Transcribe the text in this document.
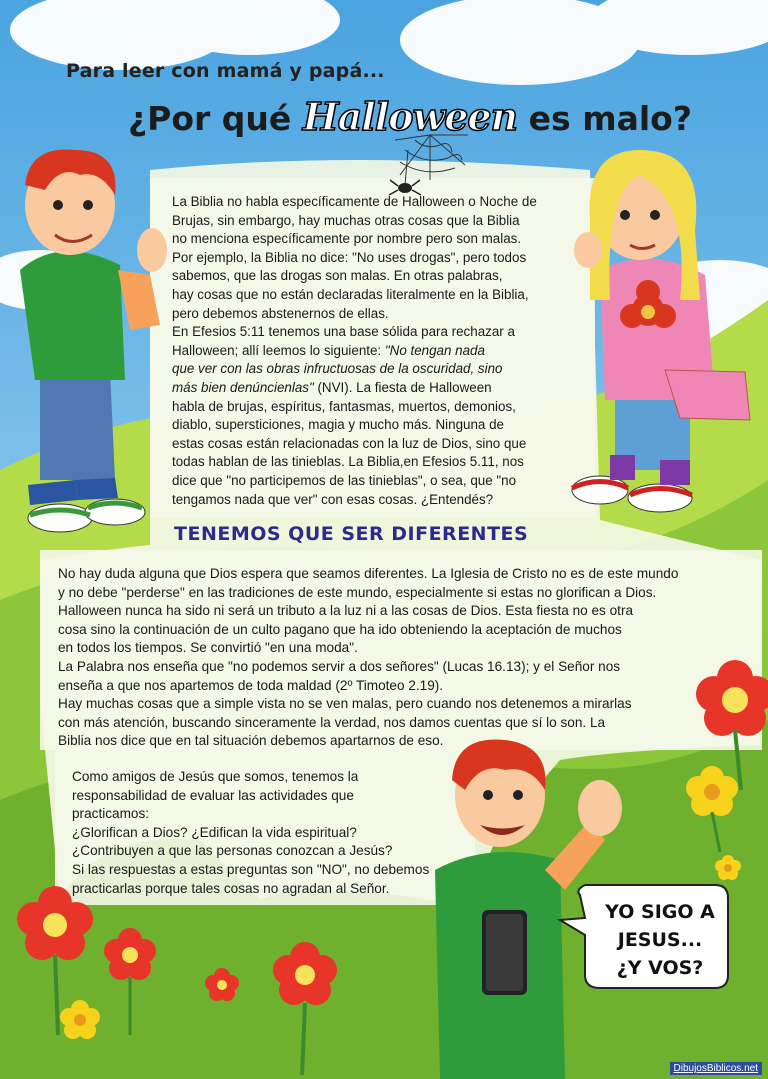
Para leer con mamá y papá...
¿Por qué Halloween es malo?
La Biblia no habla específicamente de Halloween o Noche de
Brujas, sin embargo, hay muchas otras cosas que la Biblia
no menciona específicamente por nombre pero son malas.
Por ejemplo, la Biblia no dice: "No uses drogas", pero todos
sabemos, que las drogas son malas. En otras palabras,
hay cosas que no están declaradas literalmente en la Biblia,
pero debemos abstenernos de ellas.
En Efesios 5:11 tenemos una base sólida para rechazar a
Halloween; allí leemos lo siguiente: "No tengan nada
que ver con las obras infructuosas de la oscuridad, sino
más bien denúncienlas" (NVI). La fiesta de Halloween
habla de brujas, espíritus, fantasmas, muertos, demonios,
diablo, supersticiones, magia y mucho más. Ninguna de
estas cosas están relacionadas con la luz de Dios, sino que
todas hablan de las tinieblas. La Biblia,en Efesios 5.11, nos
dice que "no participemos de las tinieblas", o sea, que "no
tengamos nada que ver" con esas cosas. ¿Entendés?
TENEMOS QUE SER DIFERENTES
No hay duda alguna que Dios espera que seamos diferentes. La Iglesia de Cristo no es de este mundo
y no debe "perderse" en las tradiciones de este mundo, especialmente si estas no glorifican a Dios.
Halloween nunca ha sido ni será un tributo a la luz ni a las cosas de Dios. Esta fiesta no es otra
cosa sino la continuación de un culto pagano que ha ido obteniendo la aceptación de muchos
en todos los tiempos. Se convirtió "en una moda".
La Palabra nos enseña que "no podemos servir a dos señores" (Lucas 16.13); y el Señor nos
enseña a que nos apartemos de toda maldad (2º Timoteo 2.19).
Hay muchas cosas que a simple vista no se ven malas, pero cuando nos detenemos a mirarlas
con más atención, buscando sinceramente la verdad, nos damos cuentas que sí lo son. La
Biblia nos dice que en tal situación debemos apartarnos de eso.
Como amigos de Jesús que somos, tenemos la
responsabilidad de evaluar las actividades que
practicamos:
¿Glorifican a Dios? ¿Edifican la vida espiritual?
¿Contribuyen a que las personas conozcan a Jesús?
Si las respuestas a estas preguntas son "NO", no debemos
practicarlas porque tales cosas no agradan al Señor.
YO SIGO A
JESUS...
¿Y VOS?
DibujosBiblicos.net
